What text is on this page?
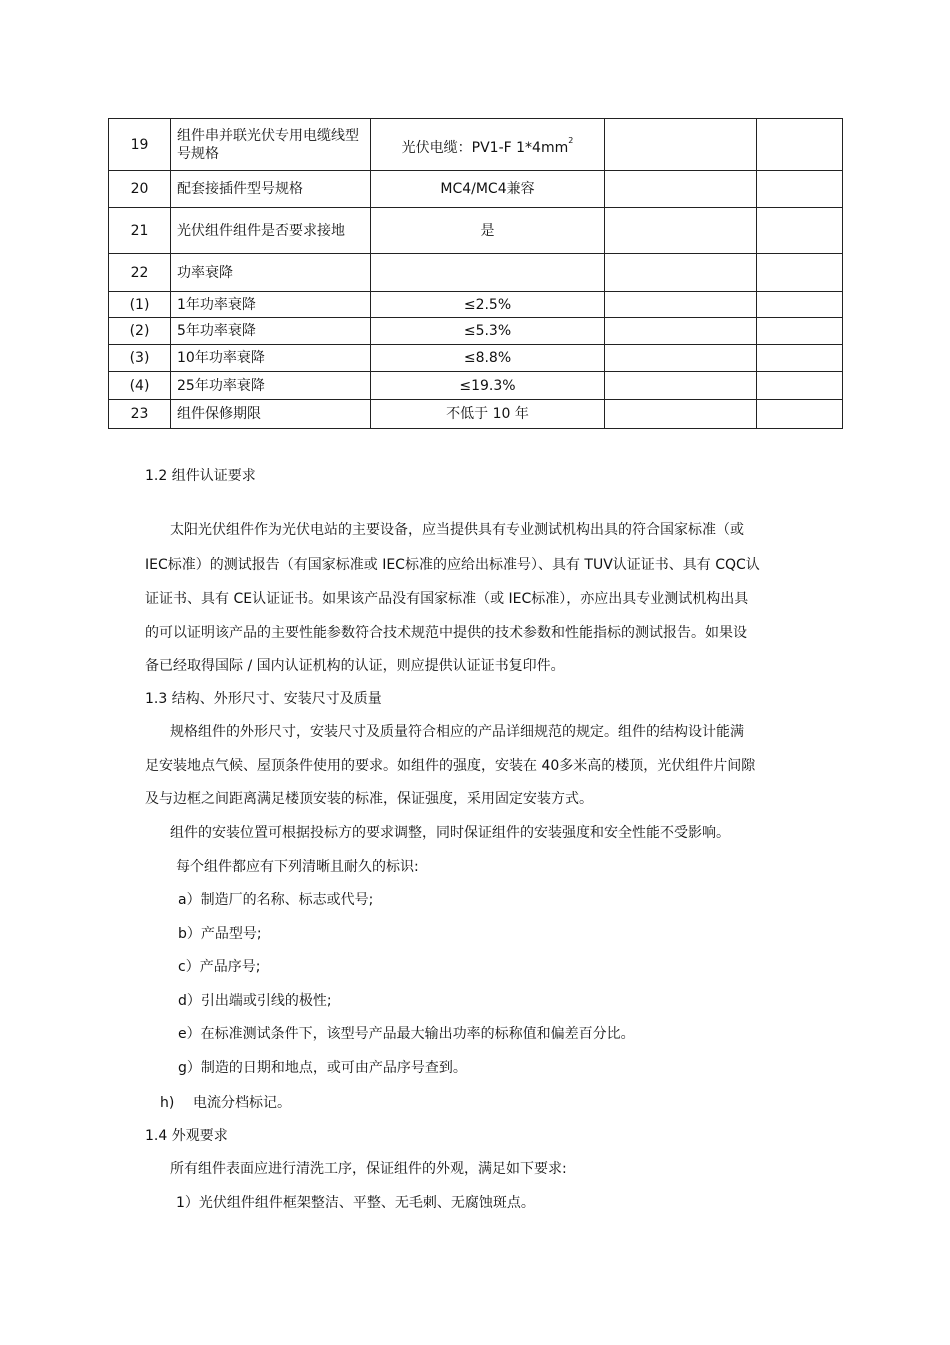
19	组件串并联光伏专用电缆线型号规格	光伏电缆：PV1-F $1*4mm^2$		
20	配套接插件型号规格	MC4/MC4兼容		
21	光伏组件组件是否要求接地	是		
22	功率衰降			
(1)	1年功率衰降	≤2.5%		
(2)	5年功率衰降	≤5.3%		
(3)	10年功率衰降	≤8.8%		
(4)	25年功率衰降	≤19.3%		
23	组件保修期限	不低于 10 年		
1.2 组件认证要求
太阳光伏组件作为光伏电站的主要设备，应当提供具有专业测试机构出具的符合国家标准（或
IEC标准）的测试报告（有国家标准或 IEC标准的应给出标准号）、具有 TUV认证证书、具有 CQC认
证证书、具有 CE认证证书。如果该产品没有国家标准（或 IEC标准），亦应出具专业测试机构出具
的可以证明该产品的主要性能参数符合技术规范中提供的技术参数和性能指标的测试报告。如果设
备已经取得国际 / 国内认证机构的认证，则应提供认证证书复印件。
1.3 结构、外形尺寸、安装尺寸及质量
规格组件的外形尺寸，安装尺寸及质量符合相应的产品详细规范的规定。组件的结构设计能满
足安装地点气候、屋顶条件使用的要求。如组件的强度，安装在 40多米高的楼顶，光伏组件片间隙
及与边框之间距离满足楼顶安装的标准，保证强度，采用固定安装方式。
组件的安装位置可根据投标方的要求调整，同时保证组件的安装强度和安全性能不受影响。
每个组件都应有下列清晰且耐久的标识:
a）制造厂的名称、标志或代号;
b）产品型号;
c）产品序号;
d）引出端或引线的极性;
e）在标准测试条件下，该型号产品最大输出功率的标称值和偏差百分比。
g）制造的日期和地点，或可由产品序号查到。
h) 电流分档标记。
1.4 外观要求
所有组件表面应进行清洗工序，保证组件的外观，满足如下要求:
1）光伏组件组件框架整洁、平整、无毛刺、无腐蚀斑点。
